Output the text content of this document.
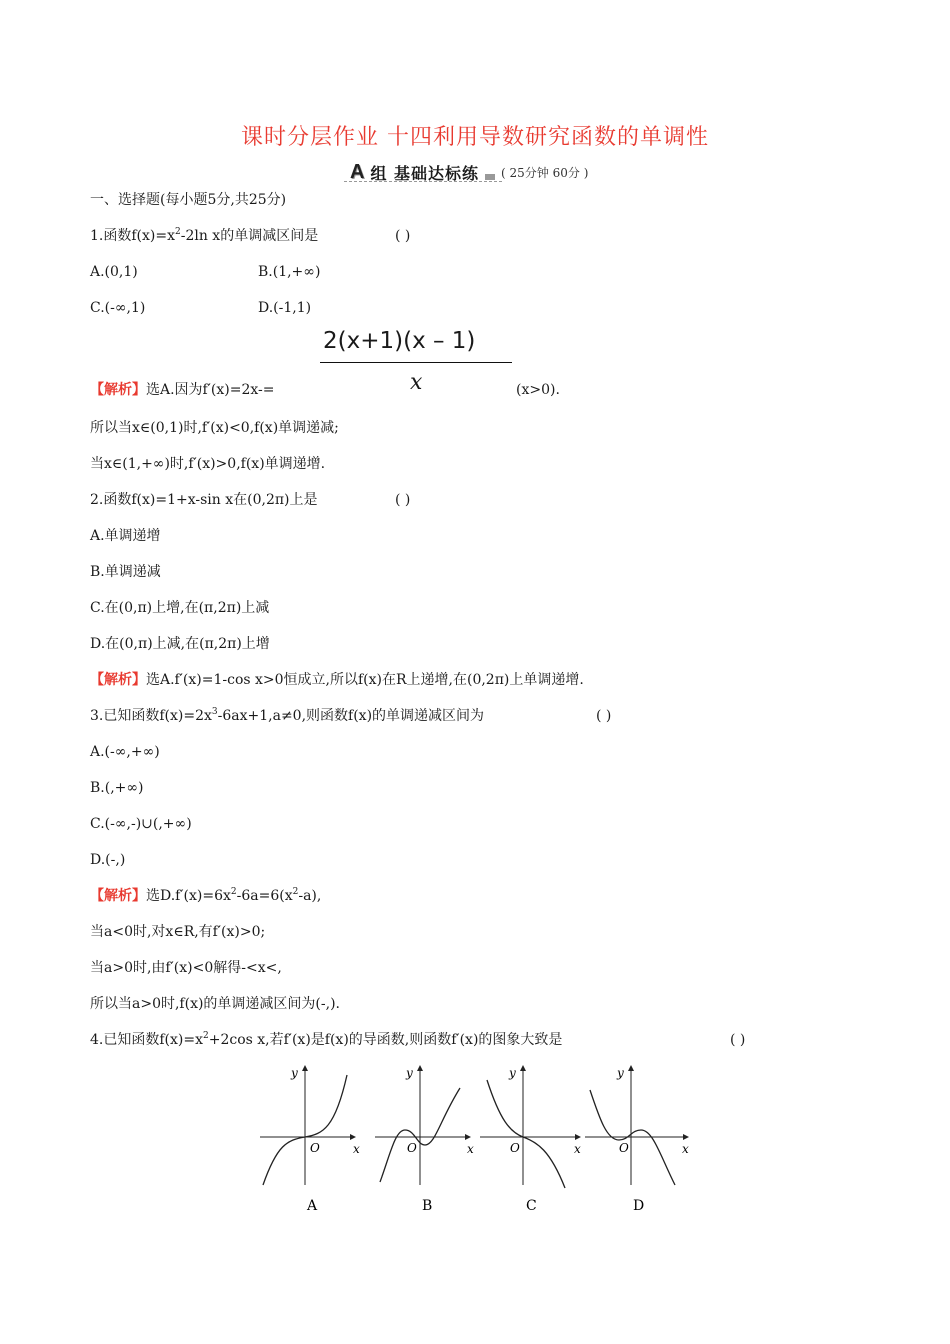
课时分层作业 十四利用导数研究函数的单调性
A 组 基础达标练 ( 25分钟 60分 )
一、选择题(每小题5分,共25分)
1.函数$f(x)=x^2-2\ln$ x的单调减区间是	( )
A.(0,1)	B.(1,+∞)
C.(-∞,1)	D.(-1,1)
2(x+1)(x – 1)
x
【解析】选A.因为f′(x)=2x-=	(x>0).
所以当x∈(0,1)时,f′(x)<0,f(x)单调递减;
当x∈(1,+∞)时,f′(x)>0,f(x)单调递增.
2.函数f(x)=1+x-sin x在(0,2π)上是	( )
A.单调递增
B.单调递减
C.在(0,π)上增,在(π,2π)上减
D.在(0,π)上减,在(π,2π)上增
【解析】选A.f′(x)=1-cos x>0恒成立,所以f(x)在R上递增,在(0,2π)上单调递增.
3.已知函数$f(x)=2x^3-6ax+1,a\ne 0$,则函数f(x)的单调递减区间为	( )
A.(-∞,+∞)
B.(,+∞)
C.(-∞,-)∪(,+∞)
D.(-,)
【解析】选$D.f'(x)=6x^2-6a=6(x^2-a)$,
当a<0时,对x∈R,有f′(x)>0;
当a>0时,由f′(x)<0解得-<x<,
所以当a>0时,f(x)的单调递减区间为(-,).
4.已知函数$f(x)=x^2+2\cos$ x,若f′(x)是f(x)的导函数,则函数f′(x)的图象大致是	( )
y
O	x
A
y
O	x
B
y
O	x
C
y
O	x
D
